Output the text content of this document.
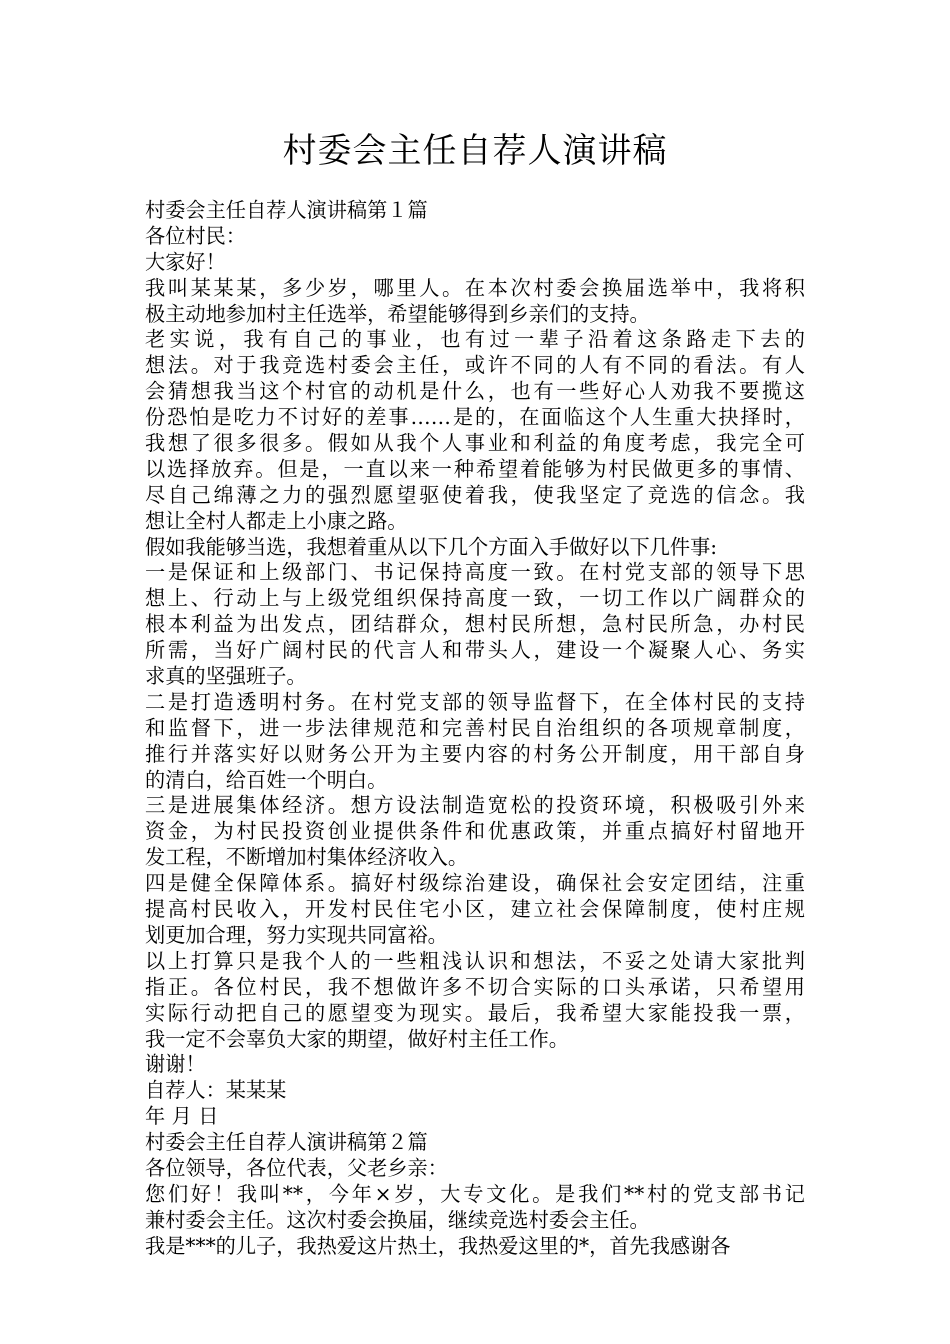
村委会主任自荐人演讲稿
村委会主任自荐人演讲稿第１篇
各位村民：
大家好！
我叫某某某，多少岁，哪里人。在本次村委会换届选举中，我将积
极主动地参加村主任选举，希望能够得到乡亲们的支持。
老实说，我有自己的事业，也有过一辈子沿着这条路走下去的
想法。对于我竞选村委会主任，或许不同的人有不同的看法。有人
会猜想我当这个村官的动机是什么，也有一些好心人劝我不要揽这
份恐怕是吃力不讨好的差事……是的，在面临这个人生重大抉择时，
我想了很多很多。假如从我个人事业和利益的角度考虑，我完全可
以选择放弃。但是，一直以来一种希望着能够为村民做更多的事情、
尽自己绵薄之力的强烈愿望驱使着我，使我坚定了竞选的信念。我
想让全村人都走上小康之路。
假如我能够当选，我想着重从以下几个方面入手做好以下几件事:
一是保证和上级部门、书记保持高度一致。在村党支部的领导下思
想上、行动上与上级党组织保持高度一致，一切工作以广阔群众的
根本利益为出发点，团结群众，想村民所想，急村民所急，办村民
所需，当好广阔村民的代言人和带头人，建设一个凝聚人心、务实
求真的坚强班子。
二是打造透明村务。在村党支部的领导监督下，在全体村民的支持
和监督下，进一步法律规范和完善村民自治组织的各项规章制度，
推行并落实好以财务公开为主要内容的村务公开制度，用干部自身
的清白，给百姓一个明白。
三是进展集体经济。想方设法制造宽松的投资环境，积极吸引外来
资金，为村民投资创业提供条件和优惠政策，并重点搞好村留地开
发工程，不断增加村集体经济收入。
四是健全保障体系。搞好村级综治建设，确保社会安定团结，注重
提高村民收入，开发村民住宅小区，建立社会保障制度，使村庄规
划更加合理，努力实现共同富裕。
以上打算只是我个人的一些粗浅认识和想法，不妥之处请大家批判
指正。各位村民，我不想做许多不切合实际的口头承诺，只希望用
实际行动把自己的愿望变为现实。最后，我希望大家能投我一票，
我一定不会辜负大家的期望，做好村主任工作。
谢谢！
自荐人：某某某
年 月 日
村委会主任自荐人演讲稿第２篇
各位领导，各位代表，父老乡亲：
您们好！我叫**，今年×岁，大专文化。是我们**村的党支部书记
兼村委会主任。这次村委会换届，继续竞选村委会主任。
我是***的儿子，我热爱这片热土，我热爱这里的*，首先我感谢各
